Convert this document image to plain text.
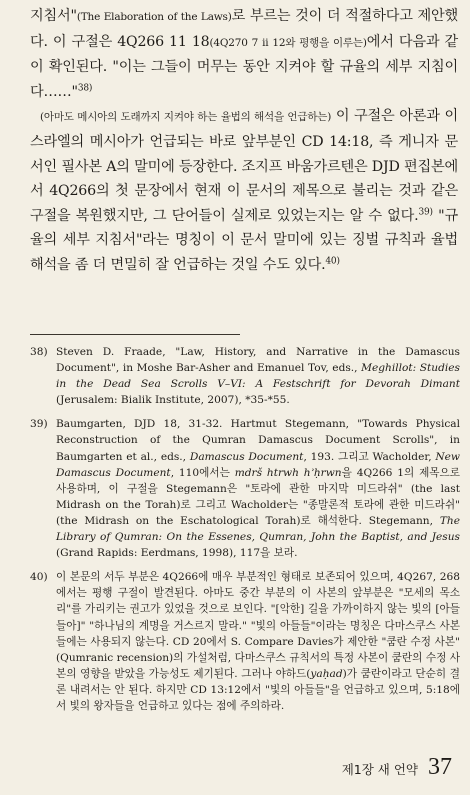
지침서"(The Elaboration of the Laws)로 부르는 것이 더 적절하다고 제안했다. 이 구절은 4Q266 11 18(4Q270 7 ii 12와 평행을 이루는)에서 다음과 같이 확인된다. "이는 그들이 머무는 동안 지켜야 할 규율의 세부 지침이다……"$^{38)}$

(아마도 메시아의 도래까지 지켜야 하는 율법의 해석을 언급하는) 이 구절은 아론과 이스라엘의 메시아가 언급되는 바로 앞부분인 CD 14:18, 즉 게니자 문서인 필사본 A의 말미에 등장한다. 조지프 바움가르텐은 DJD 편집본에서 4Q266의 첫 문장에서 현재 이 문서의 제목으로 불리는 것과 같은 구절을 복원했지만, 그 단어들이 실제로 있었는지는 알 수 없다.$^{39)}$ "규율의 세부 지침서"라는 명칭이 이 문서 말미에 있는 징벌 규칙과 율법 해석을 좀 더 면밀히 잘 언급하는 것일 수도 있다.$^{40)}$

38) Steven D. Fraade, "Law, History, and Narrative in the Damascus Document", in Moshe Bar-Asher and Emanuel Tov, eds., Meghillot: Studies in the Dead Sea Scrolls V–VI: A Festschrift for Devorah Dimant (Jerusalem: Bialik Institute, 2007), *35-*55.
39) Baumgarten, DJD 18, 31-32. Hartmut Stegemann, "Towards Physical Reconstruction of the Qumran Damascus Document Scrolls", in Baumgarten et al., eds., Damascus Document, 193. 그리고 Wacholder, New Damascus Document, 110에서는 mdrš htrwh hʾḥrwn을 4Q266 1의 제목으로 사용하며, 이 구절을 Stegemann은 "토라에 관한 마지막 미드라쉬" (the last Midrash on the Torah)로 그리고 Wacholder는 "종말론적 토라에 관한 미드라쉬" (the Midrash on the Eschatological Torah)로 해석한다. Stegemann, The Library of Qumran: On the Essenes, Qumran, John the Baptist, and Jesus (Grand Rapids: Eerdmans, 1998), 117을 보라.
40) 이 본문의 서두 부분은 4Q266에 매우 부분적인 형태로 보존되어 있으며, 4Q267, 268에서는 평행 구절이 발견된다. 아마도 중간 부분의 이 사본의 앞부분은 "모세의 목소리"를 가리키는 권고가 있었을 것으로 보인다. "[악한] 길을 가까이하지 않는 빛의 [아들들아]" "하나님의 계명을 거스르지 말라." "빛의 아들들"이라는 명칭은 다마스쿠스 사본들에는 사용되지 않는다. CD 20에서 S. Compare Davies가 제안한 "쿰란 수정 사본"(Qumranic recension)의 가설처럼, 다마스쿠스 규칙서의 특정 사본이 쿰란의 수정 사본의 영향을 받았을 가능성도 제기된다. 그러나 야하드(yaḥad)가 쿰란이라고 단순히 결론 내려서는 안 된다. 하지만 CD 13:12에서 "빛의 아들들"을 언급하고 있으며, 5:18에서 빛의 왕자들을 언급하고 있다는 점에 주의하라.
제1장 새 언약 37
